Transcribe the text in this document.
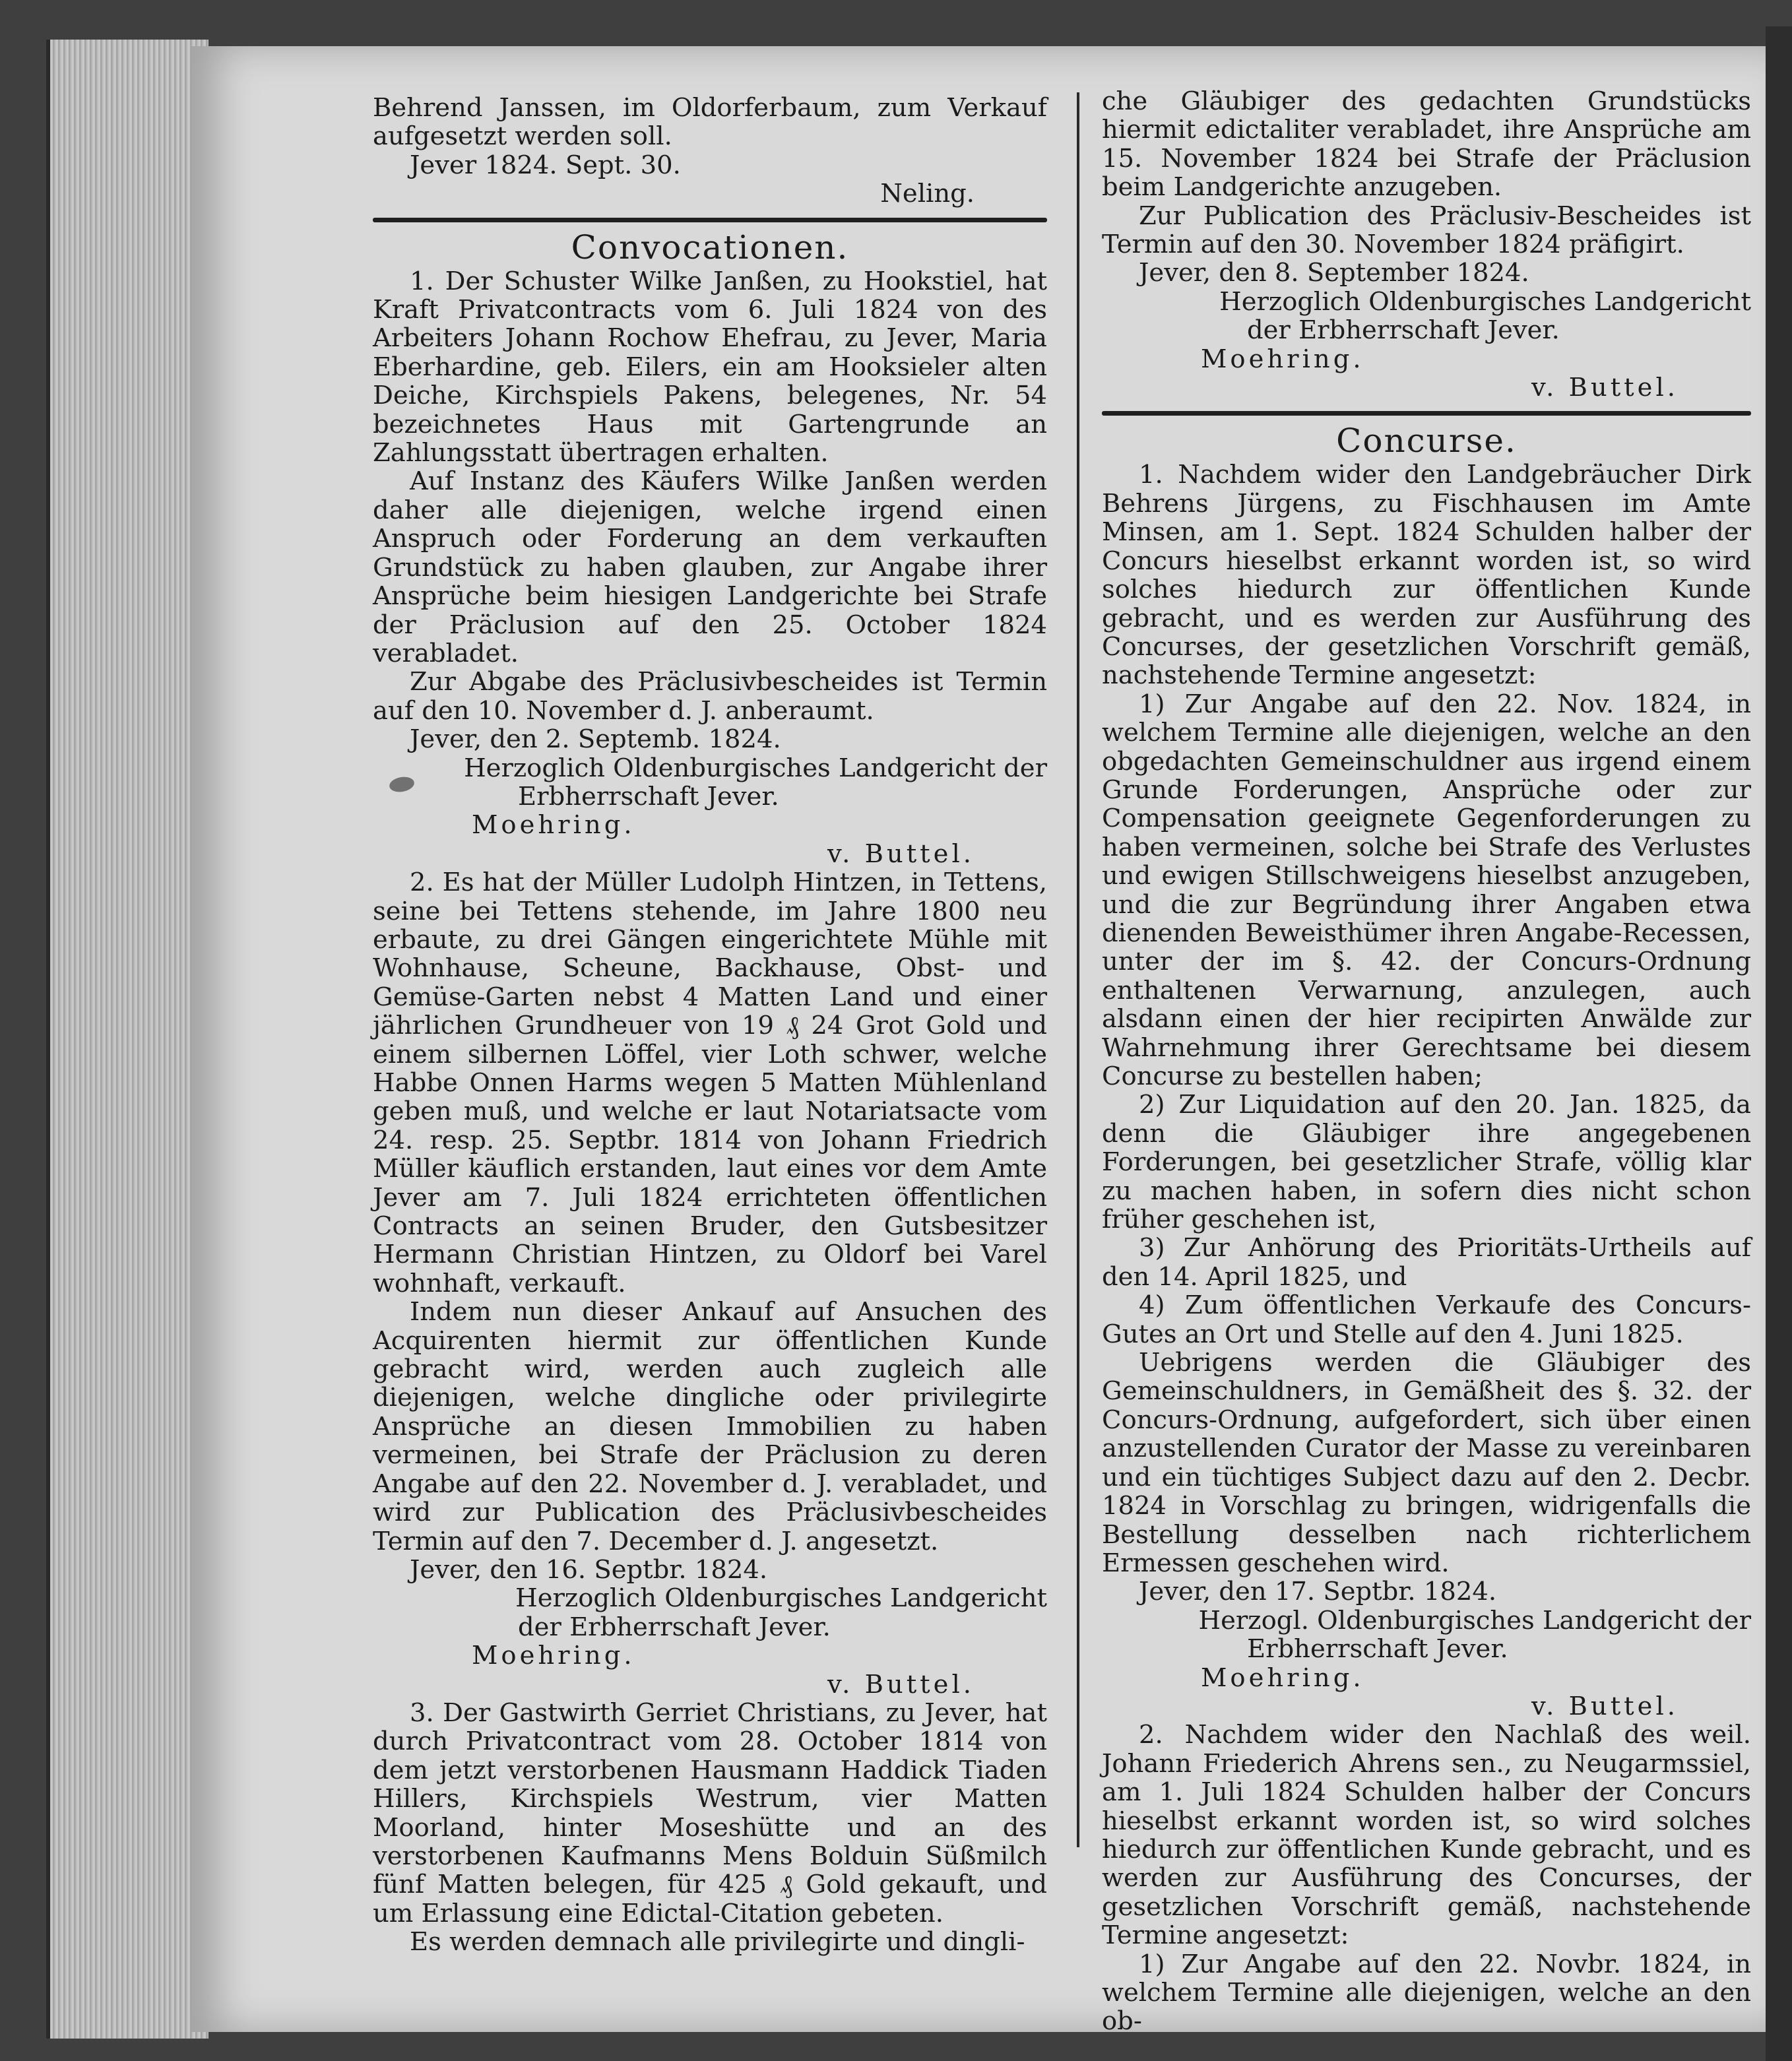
Behrend Janssen, im Oldorferbaum, zum Verkauf aufgesetzt werden soll.

Jever 1824. Sept. 30.

Neling.

Convocationen.

1. Der Schuster Wilke Janßen, zu Hookstiel, hat Kraft Privatcontracts vom 6. Juli 1824 von des Arbeiters Johann Rochow Ehefrau, zu Jever, Maria Eberhardine, geb. Eilers, ein am Hooksieler alten Deiche, Kirchspiels Pakens, belegenes, Nr. 54 bezeichnetes Haus mit Gartengrunde an Zahlungsstatt übertragen erhalten.

Auf Instanz des Käufers Wilke Janßen werden daher alle diejenigen, welche irgend einen Anspruch oder Forderung an dem verkauften Grundstück zu haben glauben, zur Angabe ihrer Ansprüche beim hiesigen Landgerichte bei Strafe der Präclusion auf den 25. October 1824 verabladet.

Zur Abgabe des Präclusivbescheides ist Termin auf den 10. November d. J. anberaumt.

Jever, den 2. Septemb. 1824.

Herzoglich Oldenburgisches Landgericht der

Erbherrschaft Jever.

Moehring.

v. Buttel.

2. Es hat der Müller Ludolph Hintzen, in Tettens, seine bei Tettens stehende, im Jahre 1800 neu erbaute, zu drei Gängen eingerichtete Mühle mit Wohnhause, Scheune, Backhause, Obst- und Gemüse-Garten nebst 4 Matten Land und einer jährlichen Grundheuer von 19 ₰ 24 Grot Gold und einem silbernen Löffel, vier Loth schwer, welche Habbe Onnen Harms wegen 5 Matten Mühlenland geben muß, und welche er laut Notariatsacte vom 24. resp. 25. Septbr. 1814 von Johann Friedrich Müller käuflich erstanden, laut eines vor dem Amte Jever am 7. Juli 1824 errichteten öffentlichen Contracts an seinen Bruder, den Gutsbesitzer Hermann Christian Hintzen, zu Oldorf bei Varel wohnhaft, verkauft.

Indem nun dieser Ankauf auf Ansuchen des Acquirenten hiermit zur öffentlichen Kunde gebracht wird, werden auch zugleich alle diejenigen, welche dingliche oder privilegirte Ansprüche an diesen Immobilien zu haben vermeinen, bei Strafe der Präclusion zu deren Angabe auf den 22. November d. J. verabladet, und wird zur Publication des Präclusivbescheides Termin auf den 7. December d. J. angesetzt.

Jever, den 16. Septbr. 1824.

Herzoglich Oldenburgisches Landgericht

der Erbherrschaft Jever.

Moehring.

v. Buttel.

3. Der Gastwirth Gerriet Christians, zu Jever, hat durch Privatcontract vom 28. October 1814 von dem jetzt verstorbenen Hausmann Haddick Tiaden Hillers, Kirchspiels Westrum, vier Matten Moorland, hinter Moseshütte und an des verstorbenen Kaufmanns Mens Bolduin Süßmilch fünf Matten belegen, für 425 ₰ Gold gekauft, und um Erlassung eine Edictal-Citation gebeten.

Es werden demnach alle privilegirte und dingli-

che Gläubiger des gedachten Grundstücks hiermit edictaliter verabladet, ihre Ansprüche am 15. November 1824 bei Strafe der Präclusion beim Landgerichte anzugeben.

Zur Publication des Präclusiv-Bescheides ist Termin auf den 30. November 1824 präfigirt.

Jever, den 8. September 1824.

Herzoglich Oldenburgisches Landgericht

der Erbherrschaft Jever.

Moehring.

v. Buttel.

Concurse.

1. Nachdem wider den Landgebräucher Dirk Behrens Jürgens, zu Fischhausen im Amte Minsen, am 1. Sept. 1824 Schulden halber der Concurs hieselbst erkannt worden ist, so wird solches hiedurch zur öffentlichen Kunde gebracht, und es werden zur Ausführung des Concurses, der gesetzlichen Vorschrift gemäß, nachstehende Termine angesetzt:

1) Zur Angabe auf den 22. Nov. 1824, in welchem Termine alle diejenigen, welche an den obgedachten Gemeinschuldner aus irgend einem Grunde Forderungen, Ansprüche oder zur Compensation geeignete Gegenforderungen zu haben vermeinen, solche bei Strafe des Verlustes und ewigen Stillschweigens hieselbst anzugeben, und die zur Begründung ihrer Angaben etwa dienenden Beweisthümer ihren Angabe-Recessen, unter der im §. 42. der Concurs-Ordnung enthaltenen Verwarnung, anzulegen, auch alsdann einen der hier recipirten Anwälde zur Wahrnehmung ihrer Gerechtsame bei diesem Concurse zu bestellen haben;

2) Zur Liquidation auf den 20. Jan. 1825, da denn die Gläubiger ihre angegebenen Forderungen, bei gesetzlicher Strafe, völlig klar zu machen haben, in sofern dies nicht schon früher geschehen ist,

3) Zur Anhörung des Prioritäts-Urtheils auf den 14. April 1825, und

4) Zum öffentlichen Verkaufe des Concurs-Gutes an Ort und Stelle auf den 4. Juni 1825.

Uebrigens werden die Gläubiger des Gemeinschuldners, in Gemäßheit des §. 32. der Concurs-Ordnung, aufgefordert, sich über einen anzustellenden Curator der Masse zu vereinbaren und ein tüchtiges Subject dazu auf den 2. Decbr. 1824 in Vorschlag zu bringen, widrigenfalls die Bestellung desselben nach richterlichem Ermessen geschehen wird.

Jever, den 17. Septbr. 1824.

Herzogl. Oldenburgisches Landgericht der

Erbherrschaft Jever.

Moehring.

v. Buttel.

2. Nachdem wider den Nachlaß des weil. Johann Friederich Ahrens sen., zu Neugarmssiel, am 1. Juli 1824 Schulden halber der Concurs hieselbst erkannt worden ist, so wird solches hiedurch zur öffentlichen Kunde gebracht, und es werden zur Ausführung des Concurses, der gesetzlichen Vorschrift gemäß, nachstehende Termine angesetzt:

1) Zur Angabe auf den 22. Novbr. 1824, in welchem Termine alle diejenigen, welche an den ob-
